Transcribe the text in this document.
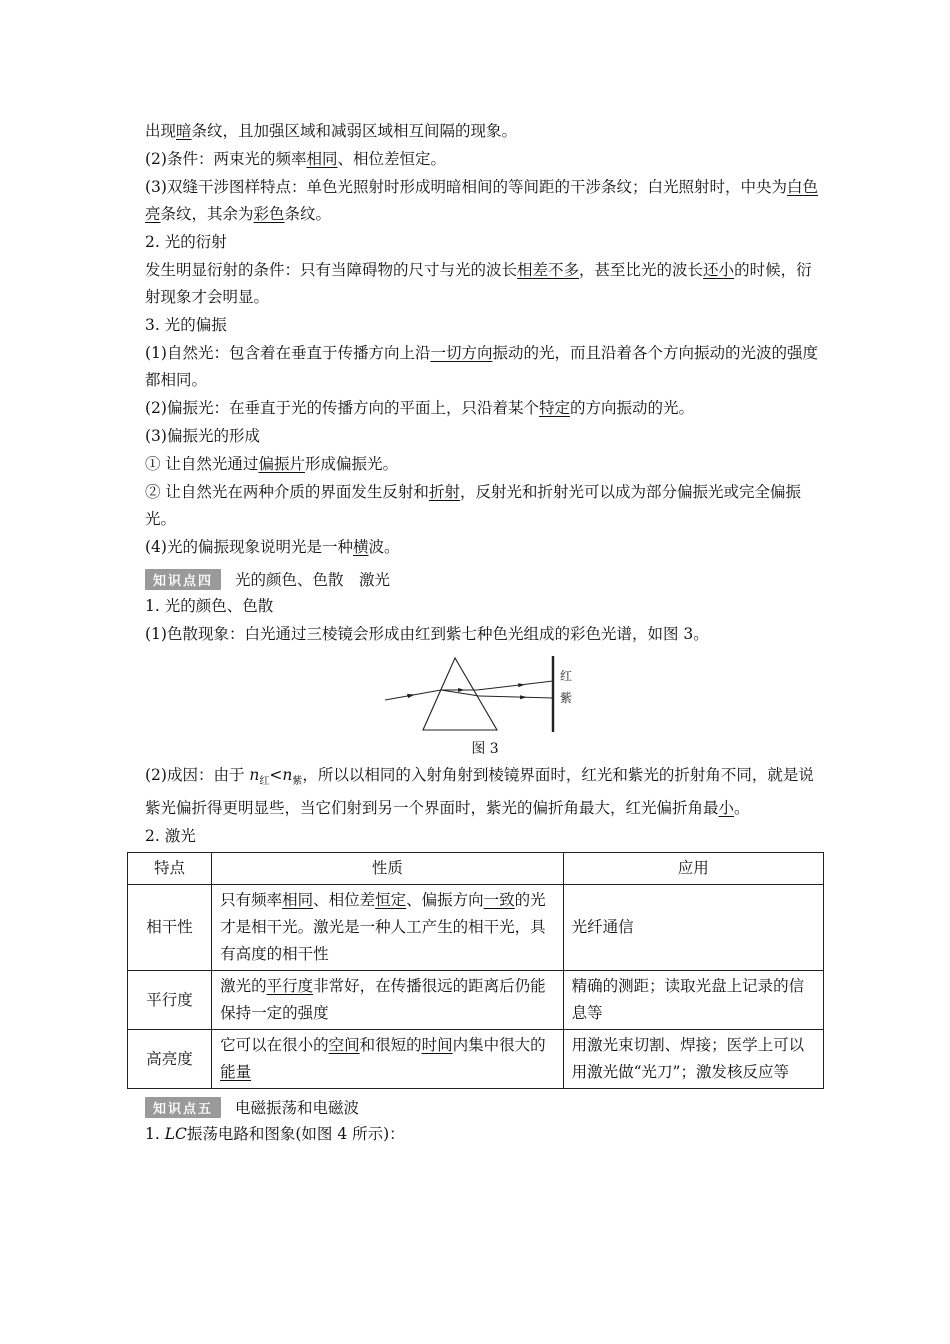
出现暗条纹，且加强区域和减弱区域相互间隔的现象。

(2)条件：两束光的频率相同、相位差恒定。

(3)双缝干涉图样特点：单色光照射时形成明暗相间的等间距的干涉条纹；白光照射时，中央为白色亮条纹，其余为彩色条纹。

2. 光的衍射

发生明显衍射的条件：只有当障碍物的尺寸与光的波长相差不多，甚至比光的波长还小的时候，衍射现象才会明显。

3. 光的偏振

(1)自然光：包含着在垂直于传播方向上沿一切方向振动的光，而且沿着各个方向振动的光波的强度都相同。

(2)偏振光：在垂直于光的传播方向的平面上，只沿着某个特定的方向振动的光。

(3)偏振光的形成

① 让自然光通过偏振片形成偏振光。

② 让自然光在两种介质的界面发生反射和折射，反射光和折射光可以成为部分偏振光或完全偏振光。

(4)光的偏振现象说明光是一种横波。

知识点四	光的颜色、色散　激光

1. 光的颜色、色散

(1)色散现象：白光通过三棱镜会形成由红到紫七种色光组成的彩色光谱，如图 3。

红
紫
图 3

(2)成因：由于 $n_红<n_紫$，所以以相同的入射角射到棱镜界面时，红光和紫光的折射角不同，就是说紫光偏折得更明显些，当它们射到另一个界面时，紫光的偏折角最大，红光偏折角最小。

2. 激光

特点	性质	应用
相干性	只有频率相同、相位差恒定、偏振方向一致的光才是相干光。激光是一种人工产生的相干光，具有高度的相干性	光纤通信
平行度	激光的平行度非常好，在传播很远的距离后仍能保持一定的强度	精确的测距；读取光盘上记录的信息等
高亮度	它可以在很小的空间和很短的时间内集中很大的能量	用激光束切割、焊接；医学上可以用激光做“光刀”；激发核反应等
知识点五	电磁振荡和电磁波

1. LC振荡电路和图象(如图 4 所示)：
